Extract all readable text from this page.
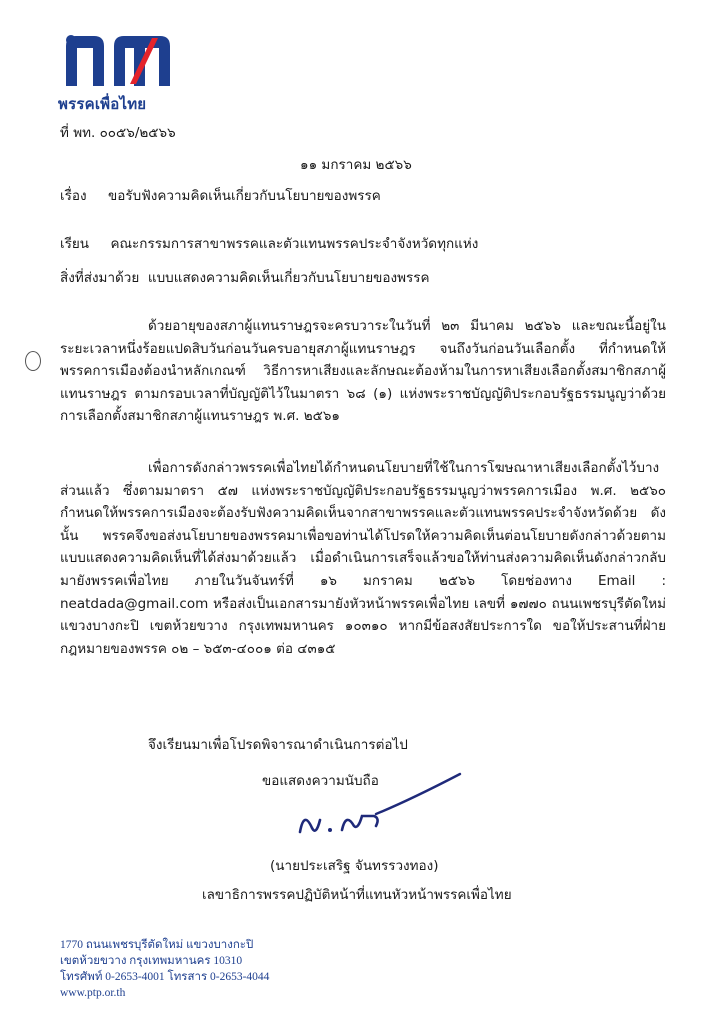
พรรคเพื่อไทย
ที่ พท. ๐๐๕๖/๒๕๖๖
๑๑ มกราคม ๒๕๖๖
เรื่อง ขอรับฟังความคิดเห็นเกี่ยวกับนโยบายของพรรค
เรียน คณะกรรมการสาขาพรรคและตัวแทนพรรคประจำจังหวัดทุกแห่ง
สิ่งที่ส่งมาด้วย แบบแสดงความคิดเห็นเกี่ยวกับนโยบายของพรรค
ด้วยอายุของสภาผู้แทนราษฎรจะครบวาระในวันที่ ๒๓ มีนาคม ๒๕๖๖ และขณะนี้อยู่ในระยะเวลาหนึ่งร้อยแปดสิบวันก่อนวันครบอายุสภาผู้แทนราษฎร จนถึงวันก่อนวันเลือกตั้ง ที่กำหนดให้พรรคการเมืองต้องนำหลักเกณฑ์ วิธีการหาเสียงและลักษณะต้องห้ามในการหาเสียงเลือกตั้งสมาชิกสภาผู้แทนราษฎร ตามกรอบเวลาที่บัญญัติไว้ในมาตรา ๖๘ (๑) แห่งพระราชบัญญัติประกอบรัฐธรรมนูญว่าด้วยการเลือกตั้งสมาชิกสภาผู้แทนราษฎร พ.ศ. ๒๕๖๑
เพื่อการดังกล่าวพรรคเพื่อไทยได้กำหนดนโยบายที่ใช้ในการโฆษณาหาเสียงเลือกตั้งไว้บางส่วนแล้ว ซึ่งตามมาตรา ๕๗ แห่งพระราชบัญญัติประกอบรัฐธรรมนูญว่าพรรคการเมือง พ.ศ. ๒๕๖๐ กำหนดให้พรรคการเมืองจะต้องรับฟังความคิดเห็นจากสาขาพรรคและตัวแทนพรรคประจำจังหวัดด้วย ดังนั้น พรรคจึงขอส่งนโยบายของพรรคมาเพื่อขอท่านได้โปรดให้ความคิดเห็นต่อนโยบายดังกล่าวด้วยตามแบบแสดงความคิดเห็นที่ได้ส่งมาด้วยแล้ว เมื่อดำเนินการเสร็จแล้วขอให้ท่านส่งความคิดเห็นดังกล่าวกลับมายังพรรคเพื่อไทย ภายในวันจันทร์ที่ ๑๖ มกราคม ๒๕๖๖ โดยช่องทาง Email : neatdada@gmail.com หรือส่งเป็นเอกสารมายังหัวหน้าพรรคเพื่อไทย เลขที่ ๑๗๗๐ ถนนเพชรบุรีตัดใหม่ แขวงบางกะปิ เขตห้วยขวาง กรุงเทพมหานคร ๑๐๓๑๐ หากมีข้อสงสัยประการใด ขอให้ประสานที่ฝ่ายกฎหมายของพรรค ๐๒ – ๖๕๓-๔๐๐๑ ต่อ ๔๓๑๕
จึงเรียนมาเพื่อโปรดพิจารณาดำเนินการต่อไป
ขอแสดงความนับถือ
(นายประเสริฐ จันทรรวงทอง)
เลขาธิการพรรคปฏิบัติหน้าที่แทนหัวหน้าพรรคเพื่อไทย
1770 ถนนเพชรบุรีตัดใหม่ แขวงบางกะปิ
เขตห้วยขวาง กรุงเทพมหานคร 10310
โทรศัพท์ 0-2653-4001 โทรสาร 0-2653-4044
www.ptp.or.th
